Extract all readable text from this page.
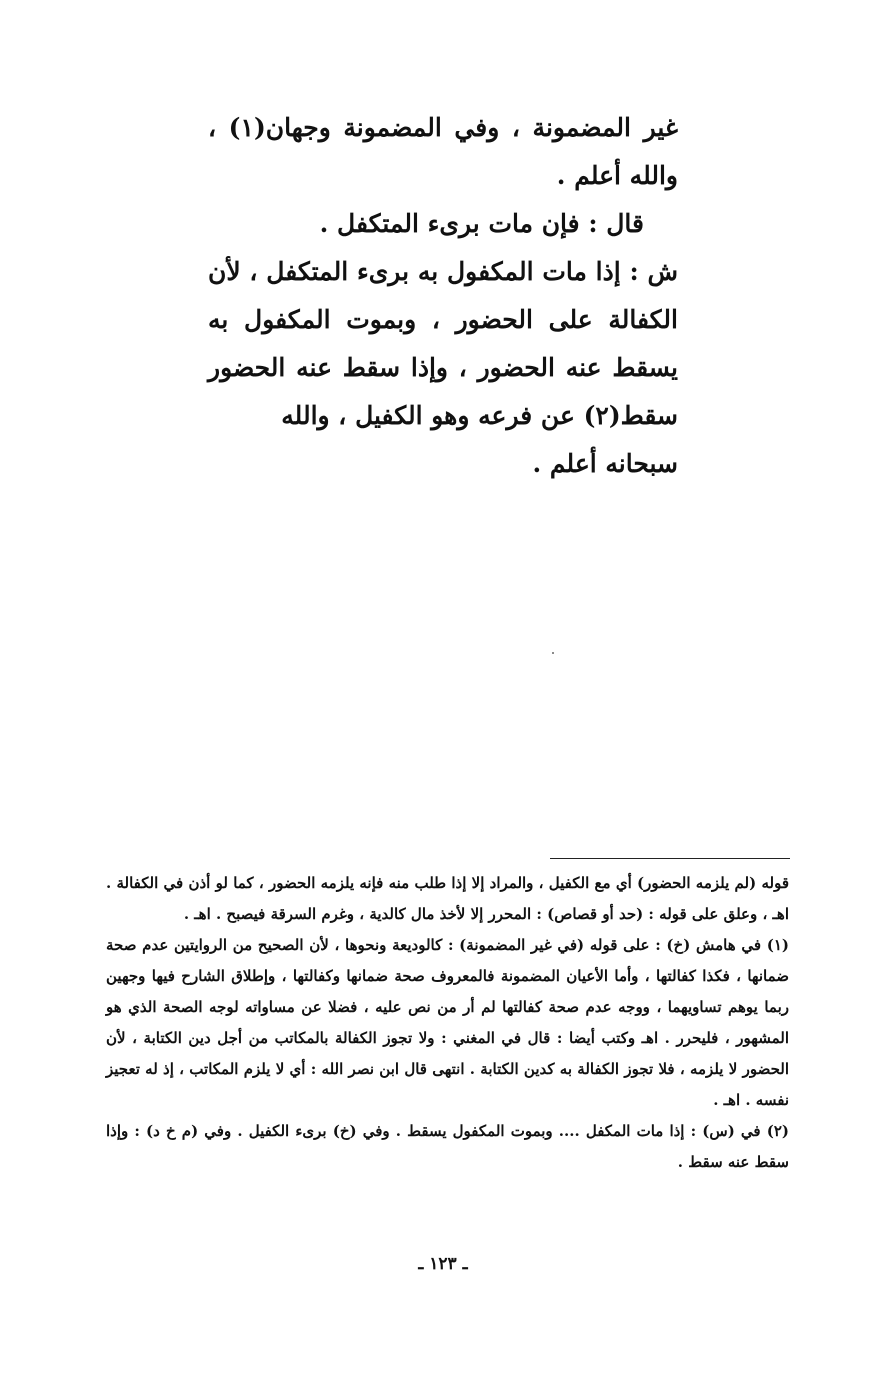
غير المضمونة ، وفي المضمونة وجهان(١) ، والله أعلم .

قال : فإن مات برىء المتكفل .

ش : إذا مات المكفول به برىء المتكفل ، لأن الكفالة على الحضور ، وبموت المكفول به يسقط عنه الحضور ، وإذا سقط عنه الحضور سقط(٢) عن فرعه وهو الكفيل ، والله

سبحانه أعلم .

قوله (لم يلزمه الحضور) أي مع الكفيل ، والمراد إلا إذا طلب منه فإنه يلزمه الحضور ، كما لو أذن في الكفالة . اهـ ، وعلق على قوله : (حد أو قصاص) : المحرر إلا لأخذ مال كالدية ، وغرم السرقة فيصبح . اهـ .

(١) في هامش (خ) : على قوله (في غير المضمونة) : كالوديعة ونحوها ، لأن الصحيح من الروايتين عدم صحة ضمانها ، فكذا كفالتها ، وأما الأعيان المضمونة فالمعروف صحة ضمانها وكفالتها ، وإطلاق الشارح فيها وجهين ربما يوهم تساويهما ، ووجه عدم صحة كفالتها لم أر من نص عليه ، فضلا عن مساواته لوجه الصحة الذي هو المشهور ، فليحرر . اهـ وكتب أيضا : قال في المغني : ولا تجوز الكفالة بالمكاتب من أجل دين الكتابة ، لأن الحضور لا يلزمه ، فلا تجوز الكفالة به كدين الكتابة . انتهى قال ابن نصر الله : أي لا يلزم المكاتب ، إذ له تعجيز نفسه . اهـ .

(٢) في (س) : إذا مات المكفل .... وبموت المكفول يسقط . وفي (خ) برىء الكفيل . وفي (م خ د) : وإذا سقط عنه سقط .

ـ ١٢٣ ـ
